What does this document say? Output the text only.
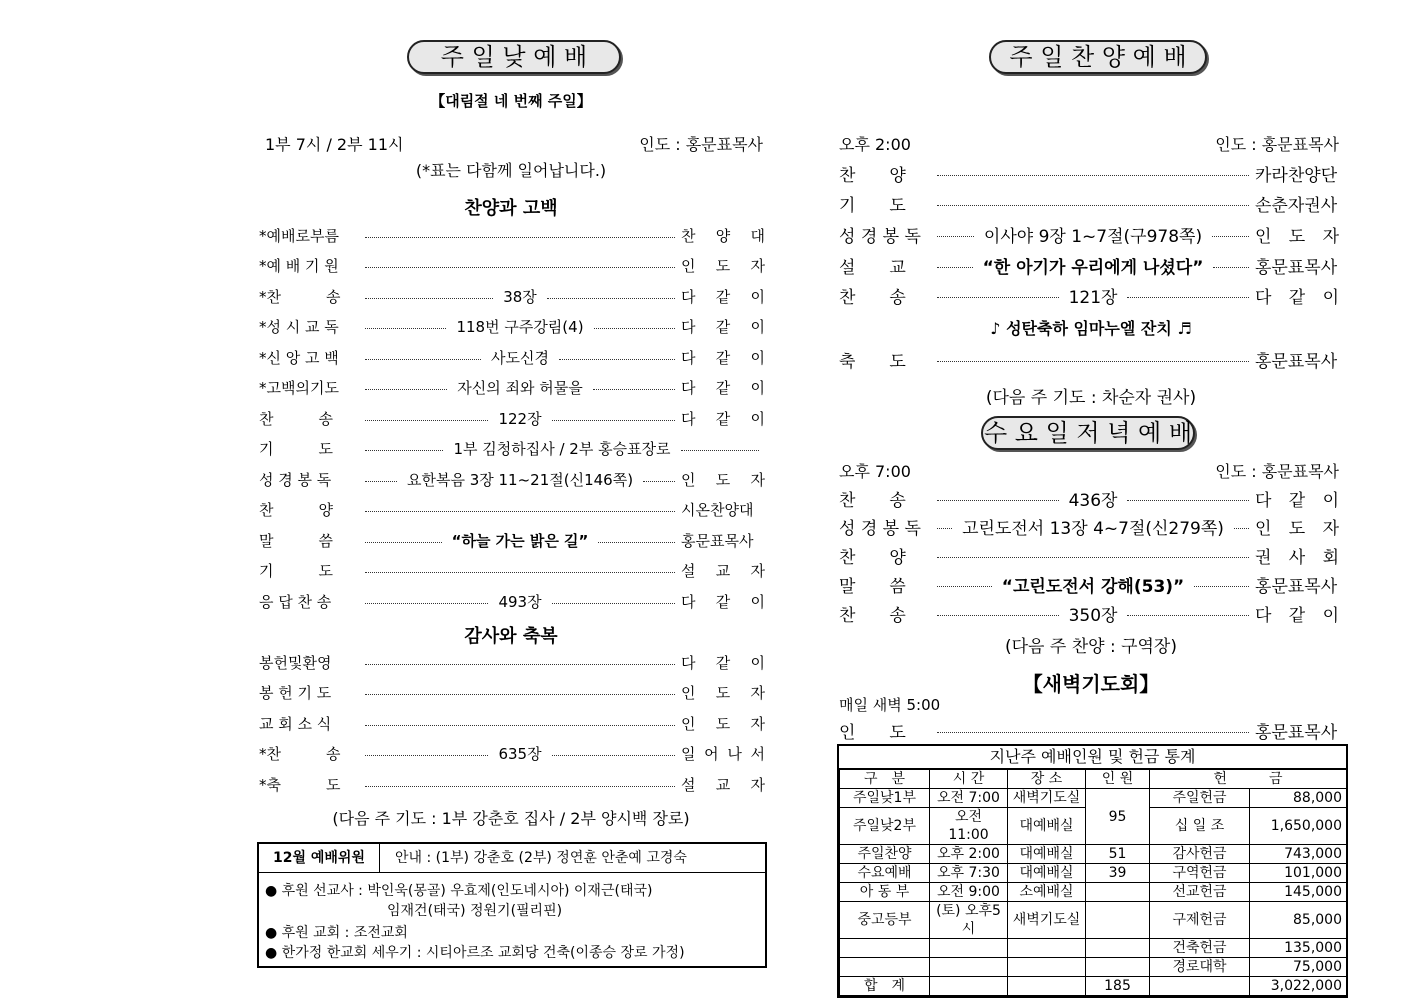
주 일 낮 예 배
【대림절 네 번째 주일】
1부 7시 / 2부 11시	인도 : 홍문표목사
(*표는 다함께 일어납니다.)
찬양과 고백
*예배로부름	찬 양 대
*예 배 기 원	인 도 자
*찬　　　송	38장	다 같 이
*성 시 교 독	118번 구주강림(4)	다 같 이
*신 앙 고 백	사도신경	다 같 이
*고백의기도	자신의 죄와 허물을	다 같 이
찬　　　송	122장	다 같 이
기　　　도	1부 김청하집사 / 2부 홍승표장로
성 경 봉 독	요한복음 3장 11~21절(신146쪽)	인 도 자
찬　　　양	시온찬양대
말　　　씀	“하늘 가는 밝은 길”	홍문표목사
기　　　도	설 교 자
응 답 찬 송	493장	다 같 이
감사와 축복
봉헌및환영	다 같 이
봉 헌 기 도	인 도 자
교 회 소 식	인 도 자
*찬　　　송	635장	일 어 나 서
*축　　　도	설 교 자
(다음 주 기도 : 1부 강춘호 집사 / 2부 양시백 장로)
12월 예배위원	안내 : (1부) 강춘호 (2부) 정연훈 안춘예 고경숙
● 후원 선교사 : 박인욱(몽골) 우효제(인도네시아) 이재근(태국)
임재건(태국) 정원기(필리핀)
● 후원 교회 : 조전교회
● 한가정 한교회 세우기 : 시티아르조 교회당 건축(이종승 장로 가정)
주 일 찬 양 예 배
오후 2:00	인도 : 홍문표목사
찬　　양	카라찬양단
기　　도	손춘자권사
성 경 봉 독	이사야 9장 1~7절(구978쪽)	인 도 자
설　　교	“한 아기가 우리에게 나셨다”	홍문표목사
찬　　송	121장	다 같 이
♪ 성탄축하 임마누엘 잔치 ♬
축　　도	홍문표목사
(다음 주 기도 : 차순자 권사)
수 요 일 저 녁 예 배
오후 7:00	인도 : 홍문표목사
찬　　송	436장	다 같 이
성 경 봉 독	고린도전서 13장 4~7절(신279쪽) 인 도 자
찬　　양	권 사 회
말　　씀	“고린도전서 강해(53)”	홍문표목사
찬　　송	350장	다 같 이
(다음 주 찬양 : 구역장)
【새벽기도회】
매일 새벽 5:00
인　　도	홍문표목사
지난주 예배인원 및 헌금 통계
구　분	시 간	장 소	인 원	헌　　　금	
주일낮1부	오전 7:00	새벽기도실	95	주일헌금	88,000
주일낮2부	오전 11:00	대예배실		십 일 조	1,650,000
주일찬양	오후 2:00	대예배실	51	감사헌금	743,000
수요예배	오후 7:30	대예배실	39	구역헌금	101,000
아 동 부	오전 9:00	소예배실		선교헌금	145,000
중고등부	(토) 오후5시	새벽기도실		구제헌금	85,000
				건축헌금	135,000
				경로대학	75,000
합　계			185		3,022,000
